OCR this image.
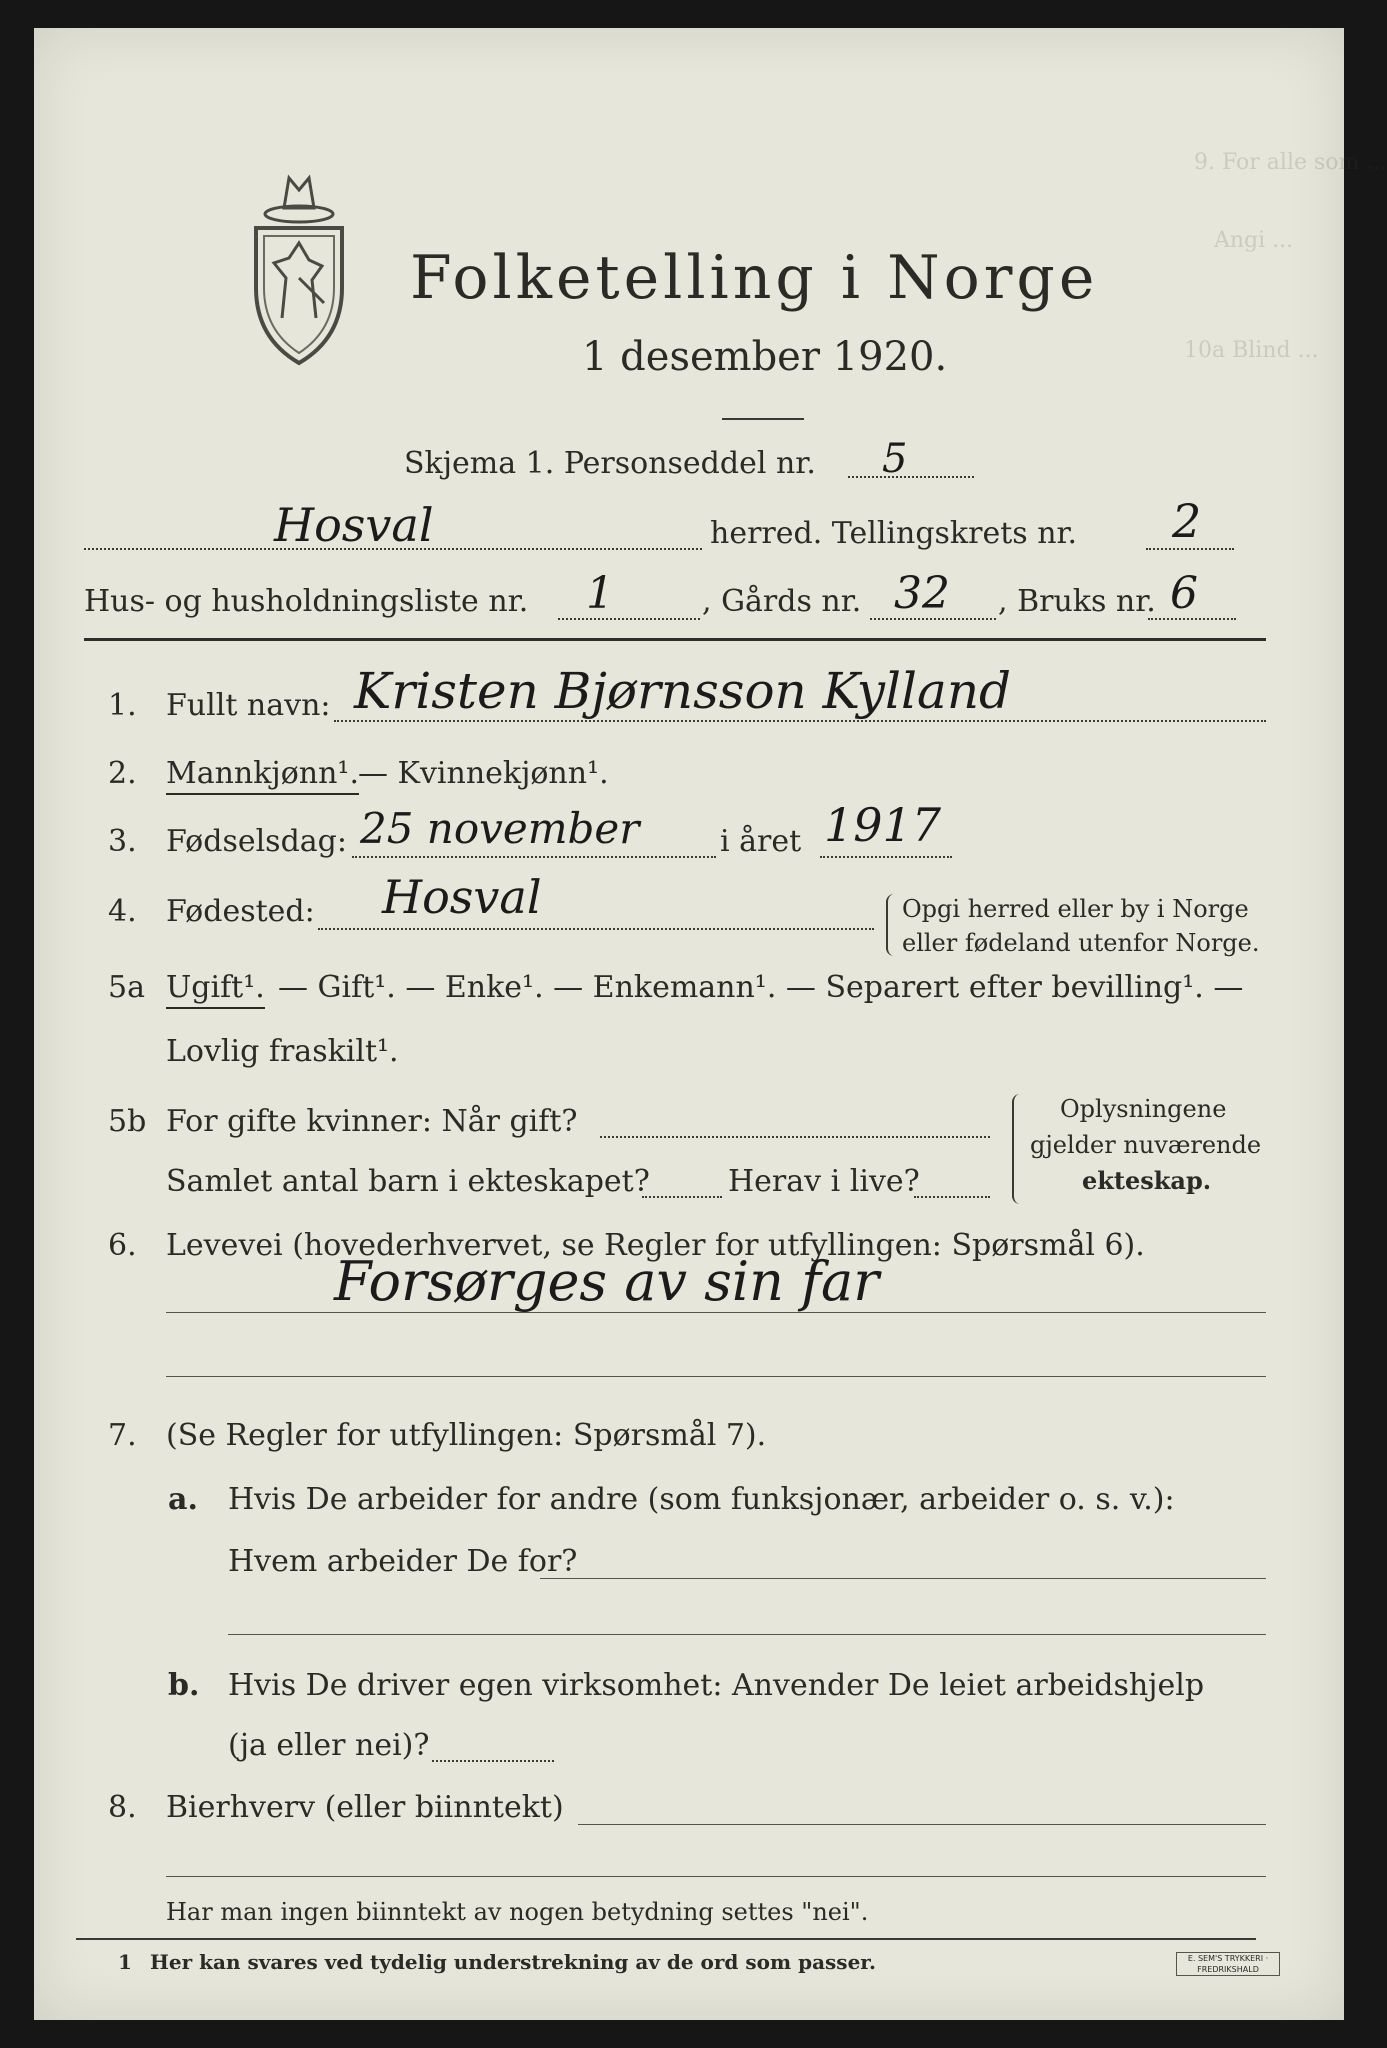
9. For alle som ...
Angi ...
10a Blind ...
Folketelling i Norge
1 desember 1920.
Skjema 1. Personseddel nr. 5
Hosval	herred. Tellingskrets nr. 2
Hus- og husholdningsliste nr. 1	, Gårds nr. 32 , Bruks nr. 6
1. Fullt navn: Kristen Bjørnsson Kylland
2. Mannkjønn¹. — Kvinnekjønn¹.
3. Fødselsdag: 25 november	i året 1917
4. Fødested: Hosval	Opgi herred eller by i Norge
eller fødeland utenfor Norge.
5a Ugift¹. — Gift¹. — Enke¹. — Enkemann¹. — Separert efter bevilling¹. —
Lovlig fraskilt¹.
5b For gifte kvinner: Når gift?
Samlet antal barn i ekteskapet?	Herav i live?
Oplysningene
gjelder nuværende
ekteskap.
6. Levevei (hovederhvervet, se Regler for utfyllingen: Spørsmål 6).
Forsørges av sin far
7. (Se Regler for utfyllingen: Spørsmål 7).
a. Hvis De arbeider for andre (som funksjonær, arbeider o. s. v.):
Hvem arbeider De for?
b. Hvis De driver egen virksomhet: Anvender De leiet arbeidshjelp
(ja eller nei)?
8. Bierhverv (eller biinntekt)
Har man ingen biinntekt av nogen betydning settes "nei".
1 Her kan svares ved tydelig understrekning av de ord som passer.	E. SEM'S TRYKKERI · FREDRIKSHALD
